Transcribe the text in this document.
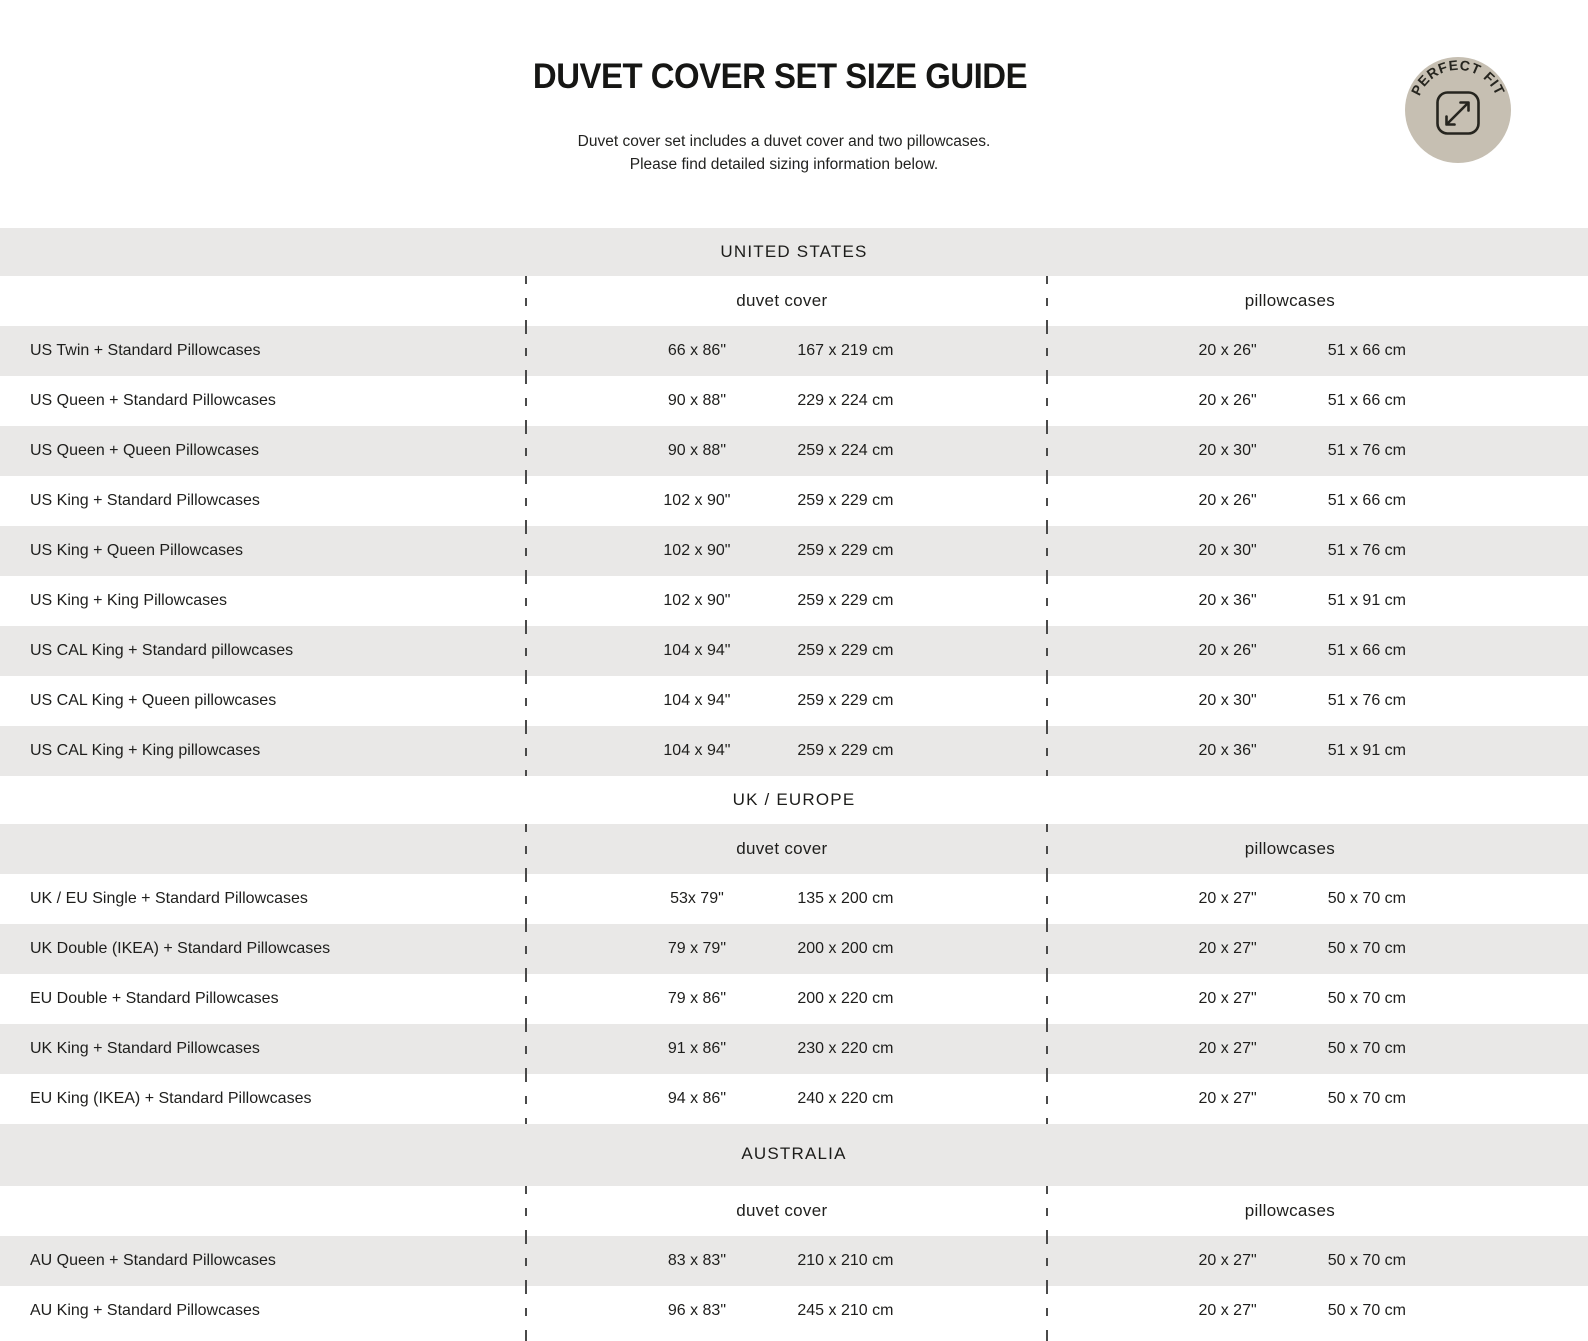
DUVET COVER SET SIZE GUIDE
Duvet cover set includes a duvet cover and two pillowcases.
Please find detailed sizing information below.
PERFECT FIT
UNITED STATES
duvet cover	pillowcases
US Twin + Standard Pillowcases	66 x 86"	167 x 219 cm	20 x 26"	51 x 66 cm
US Queen + Standard Pillowcases	90 x 88"	229 x 224 cm	20 x 26"	51 x 66 cm
US Queen + Queen Pillowcases	90 x 88"	259 x 224 cm	20 x 30"	51 x 76 cm
US King + Standard Pillowcases	102 x 90"	259 x 229 cm	20 x 26"	51 x 66 cm
US King + Queen Pillowcases	102 x 90"	259 x 229 cm	20 x 30"	51 x 76 cm
US King + King Pillowcases	102 x 90"	259 x 229 cm	20 x 36"	51 x 91 cm
US CAL King + Standard pillowcases	104 x 94"	259 x 229 cm	20 x 26"	51 x 66 cm
US CAL King + Queen pillowcases	104 x 94"	259 x 229 cm	20 x 30"	51 x 76 cm
US CAL King + King pillowcases	104 x 94"	259 x 229 cm	20 x 36"	51 x 91 cm
UK / EUROPE
duvet cover	pillowcases
UK / EU Single + Standard Pillowcases	53x 79"	135 x 200 cm	20 x 27"	50 x 70 cm
UK Double (IKEA) + Standard Pillowcases	79 x 79"	200 x 200 cm	20 x 27"	50 x 70 cm
EU Double + Standard Pillowcases	79 x 86"	200 x 220 cm	20 x 27"	50 x 70 cm
UK King + Standard Pillowcases	91 x 86"	230 x 220 cm	20 x 27"	50 x 70 cm
EU King (IKEA) + Standard Pillowcases	94 x 86"	240 x 220 cm	20 x 27"	50 x 70 cm
AUSTRALIA
duvet cover	pillowcases
AU Queen + Standard Pillowcases	83 x 83"	210 x 210 cm	20 x 27"	50 x 70 cm
AU King + Standard Pillowcases	96 x 83"	245 x 210 cm	20 x 27"	50 x 70 cm
